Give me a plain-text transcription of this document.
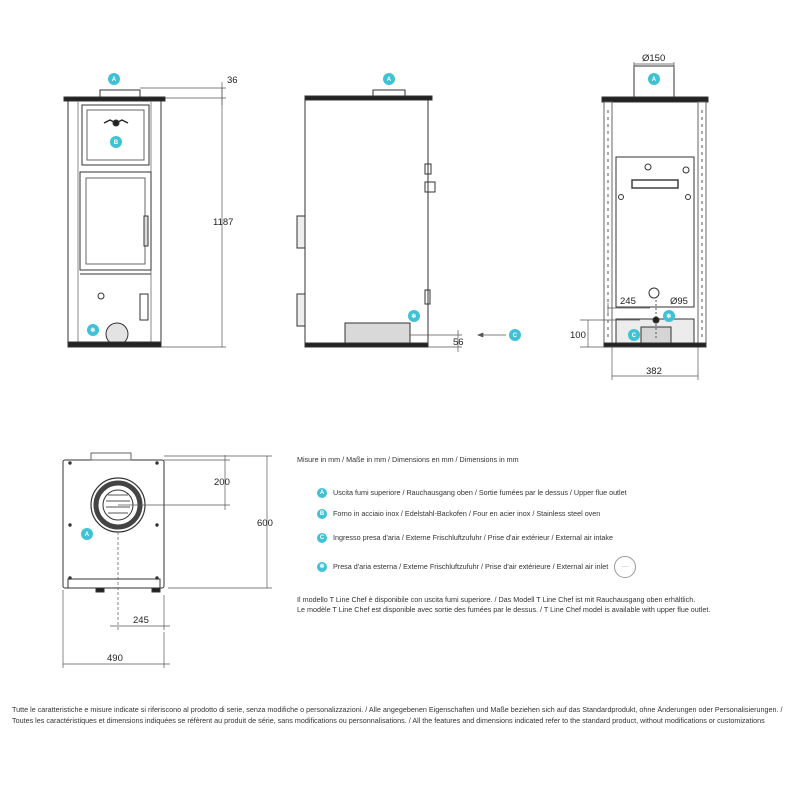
36
1187
56
Ø150
245	Ø95
100
382
200
600
245
490
A
B
✻
A
✻
C
A
C
✻
A
Misure in mm / Maße in mm / Dimensions en mm / Dimensions in mm
A Uscita fumi superiore / Rauchausgang oben / Sortie fumées par le dessus / Upper flue outlet
B Forno in acciaio inox / Edelstahl-Backofen / Four en acier inox / Stainless steel oven
C Ingresso presa d'aria / Externe Frischluftzufuhr / Prise d'air extérieur / External air intake
✻ Presa d'aria esterna / Externe Frischluftzufuhr / Prise d'air extérieure / External air inlet	~~~
Il modello T Line Chef è disponibile con uscita fumi superiore. / Das Modell T Line Chef ist mit Rauchausgang oben erhältlich.
Le modèle T Line Chef est disponible avec sortie des fumées par le dessus. / T Line Chef model is available with upper flue outlet.
Tutte le caratteristiche e misure indicate si riferiscono al prodotto di serie, senza modifiche o personalizzazioni. / Alle angegebenen Eigenschaften und Maße beziehen sich auf das Standardprodukt, ohne Änderungen oder Personalisierungen. / Toutes les caractéristiques et dimensions indiquées se réfèrent au produit de série, sans modifications ou personnalisations. / All the features and dimensions indicated refer to the standard product, without modifications or customizations
